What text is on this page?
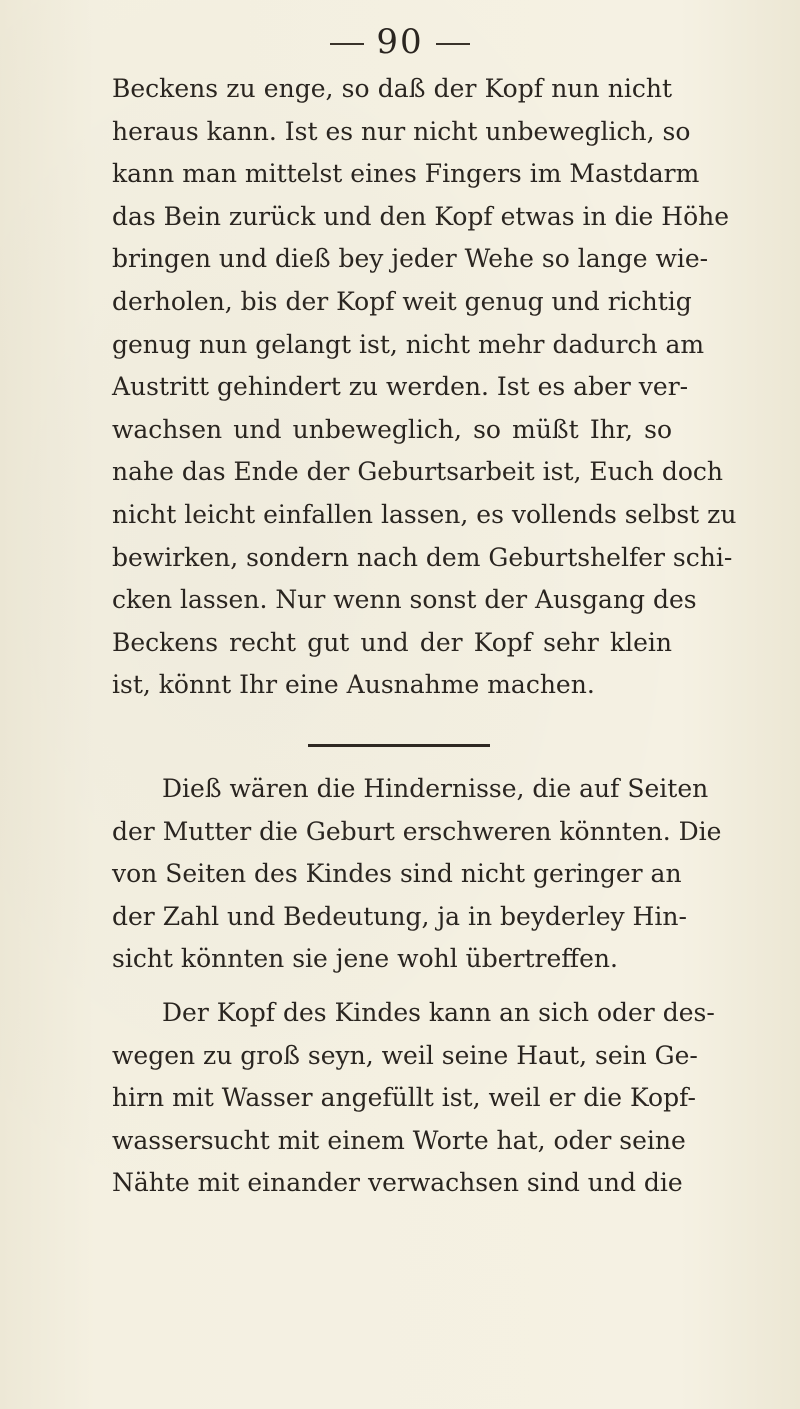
90
Beckens zu enge, so daß der Kopf nun nicht
heraus kann. Ist es nur nicht unbeweglich, so
kann man mittelst eines Fingers im Mastdarm
das Bein zurück und den Kopf etwas in die Höhe
bringen und dieß bey jeder Wehe so lange wie-
derholen, bis der Kopf weit genug und richtig
genug nun gelangt ist, nicht mehr dadurch am
Austritt gehindert zu werden. Ist es aber ver-
wachsen und unbeweglich, so müßt Ihr, so
nahe das Ende der Geburtsarbeit ist, Euch doch
nicht leicht einfallen lassen, es vollends selbst zu
bewirken, sondern nach dem Geburtshelfer schi-
cken lassen. Nur wenn sonst der Ausgang des
Beckens recht gut und der Kopf sehr klein
ist, könnt Ihr eine Ausnahme machen.
Dieß wären die Hindernisse, die auf Seiten
der Mutter die Geburt erschweren könnten. Die
von Seiten des Kindes sind nicht geringer an
der Zahl und Bedeutung, ja in beyderley Hin-
sicht könnten sie jene wohl übertreffen.
Der Kopf des Kindes kann an sich oder des-
wegen zu groß seyn, weil seine Haut, sein Ge-
hirn mit Wasser angefüllt ist, weil er die Kopf-
wassersucht mit einem Worte hat, oder seine
Nähte mit einander verwachsen sind und die
